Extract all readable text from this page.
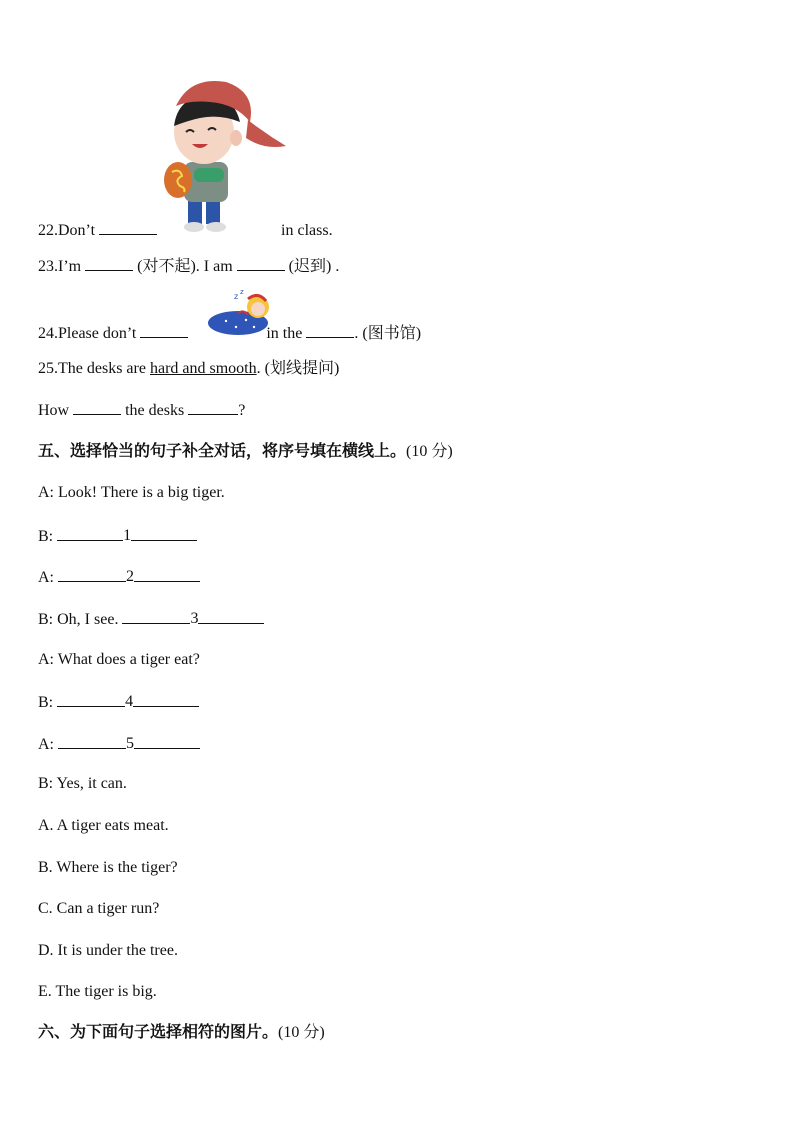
22.Don’t	in class.
23.I’m	(对不起). I am	(迟到) .
z z
24.Please don’t	in the	. (图书馆)
25.The desks are hard and smooth. (划线提问)
How	the desks	?
五、选择恰当的句子补全对话，将序号填在横线上。(10 分)
A: Look! There is a big tiger.
B:	1
A:	2
B: Oh, I see.	3
A: What does a tiger eat?
B:	4
A:	5
B: Yes, it can.
A. A tiger eats meat.
B. Where is the tiger?
C. Can a tiger run?
D. It is under the tree.
E. The tiger is big.
六、为下面句子选择相符的图片。(10 分)
